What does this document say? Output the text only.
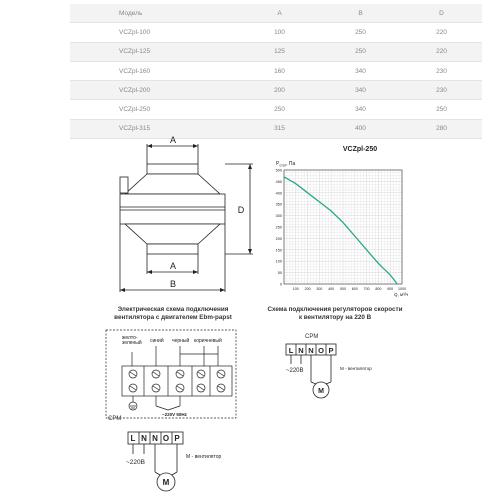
Модель	A	B	D
VCZpl-100	100	250	220
VCZpl-125	125	250	220
VCZpl-160	160	340	230
VCZpl-200	200	340	230
VCZpl-250	250	340	250
VCZpl-315	315	400	280
A
A
B
D
VCZpl-250
$P_{стат}$, Па
Q, м³/ч
0
50
100
150
200
250
300
350
400
450
500
100 200 300 400 500 600 700 800 900 1000
Электрическая схема подключения
вентилятора с двигателем Ebm-papst
желто-
зеленый синий черный коричневый
~220V 50Hz
Схема подключения регуляторов скорости
к вентилятору на 220 В
CPM
L N N O P
M
~220В	М - вентилятор
CPM
L N N O P
M
~220В
М - вентилятор
